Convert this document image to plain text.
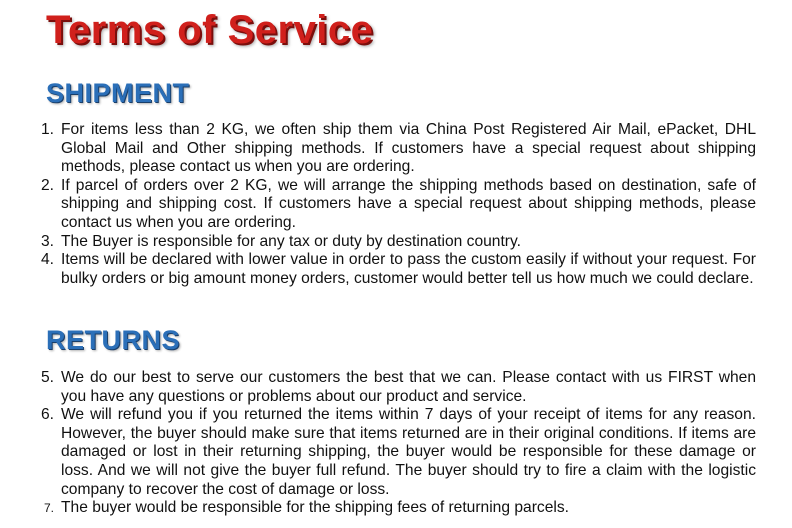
Terms of Service
SHIPMENT
1. For items less than 2 KG, we often ship them via China Post Registered Air Mail, ePacket, DHL Global Mail and Other shipping methods. If customers have a special request about shipping methods, please contact us when you are ordering.
2. If parcel of orders over 2 KG, we will arrange the shipping methods based on destination, safe of shipping and shipping cost. If customers have a special request about shipping methods, please contact us when you are ordering.
3. The Buyer is responsible for any tax or duty by destination country.
4. Items will be declared with lower value in order to pass the custom easily if without your request. For bulky orders or big amount money orders, customer would better tell us how much we could declare.
RETURNS
5. We do our best to serve our customers the best that we can. Please contact with us FIRST when you have any questions or problems about our product and service.
6. We will refund you if you returned the items within 7 days of your receipt of items for any reason. However, the buyer should make sure that items returned are in their original conditions. If items are damaged or lost in their returning shipping, the buyer would be responsible for these damage or loss. And we will not give the buyer full refund. The buyer should try to fire a claim with the logistic company to recover the cost of damage or loss.
7. The buyer would be responsible for the shipping fees of returning parcels.
